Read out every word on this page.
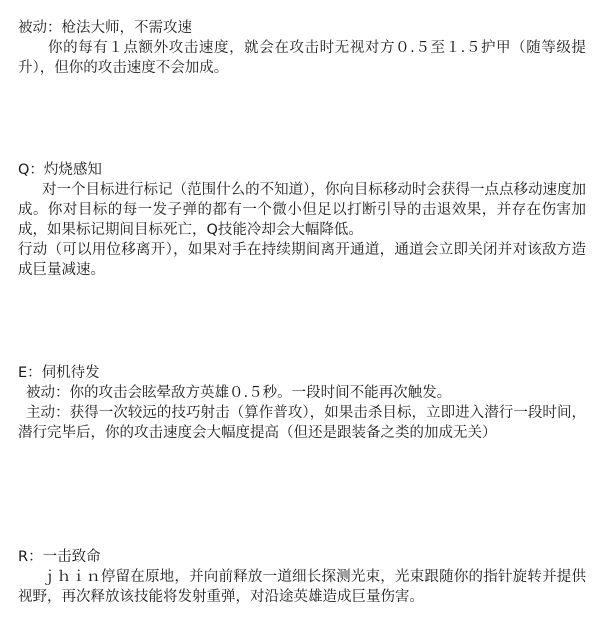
被动：枪法大师，不需攻速

你的每有１点额外攻击速度，就会在攻击时无视对方０.５至１.５护甲（随等级提升），但你的攻击速度不会加成。

Q：灼烧感知

对一个目标进行标记（范围什么的不知道），你向目标移动时会获得一点点移动速度加成。你对目标的每一发子弹的都有一个微小但足以打断引导的击退效果，并存在伤害加成，如果标记期间目标死亡，Q技能冷却会大幅降低。

行动（可以用位移离开），如果对手在持续期间离开通道，通道会立即关闭并对该敌方造成巨量减速。

E：伺机待发

被动：你的攻击会眩晕敌方英雄０.５秒。一段时间不能再次触发。

主动：获得一次较远的技巧射击（算作普攻），如果击杀目标，立即进入潜行一段时间，潜行完毕后，你的攻击速度会大幅度提高（但还是跟装备之类的加成无关）

R：一击致命

ｊｈｉｎ停留在原地，并向前释放一道细长探测光束，光束跟随你的指针旋转并提供视野，再次释放该技能将发射重弹，对沿途英雄造成巨量伤害。
